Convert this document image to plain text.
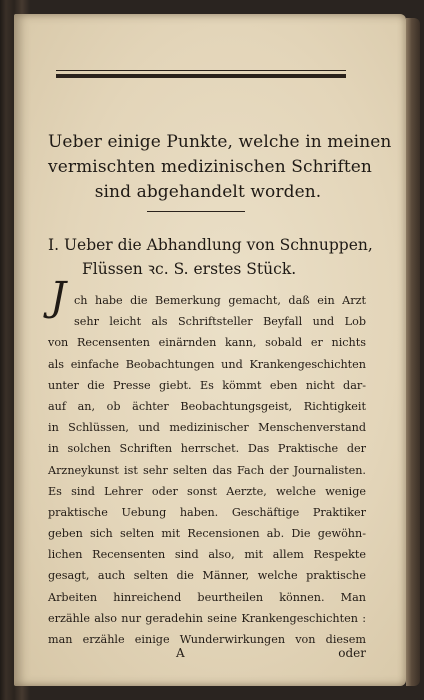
Ueber einige Punkte, welche in meinen
vermischten medizinischen Schriften
sind abgehandelt worden.
I. Ueber die Abhandlung von Schnuppen,
Flüssen ꝛc. S. erstes Stück.
J ch habe die Bemerkung gemacht, daß ein Arzt
sehr leicht als Schriftsteller Beyfall und Lob
von Recensenten einärnden kann, sobald er nichts
als einfache Beobachtungen und Krankengeschichten
unter die Presse giebt. Es kömmt eben nicht dar-
auf an, ob ächter Beobachtungsgeist, Richtigkeit
in Schlüssen, und medizinischer Menschenverstand
in solchen Schriften herrschet. Das Praktische der
Arzneykunst ist sehr selten das Fach der Journalisten.
Es sind Lehrer oder sonst Aerzte, welche wenige
praktische Uebung haben. Geschäftige Praktiker
geben sich selten mit Recensionen ab. Die gewöhn-
lichen Recensenten sind also, mit allem Respekte
gesagt, auch selten die Männer, welche praktische
Arbeiten hinreichend beurtheilen können. Man
erzähle also nur geradehin seine Krankengeschichten :
man erzähle einige Wunderwirkungen von diesem
A	oder
